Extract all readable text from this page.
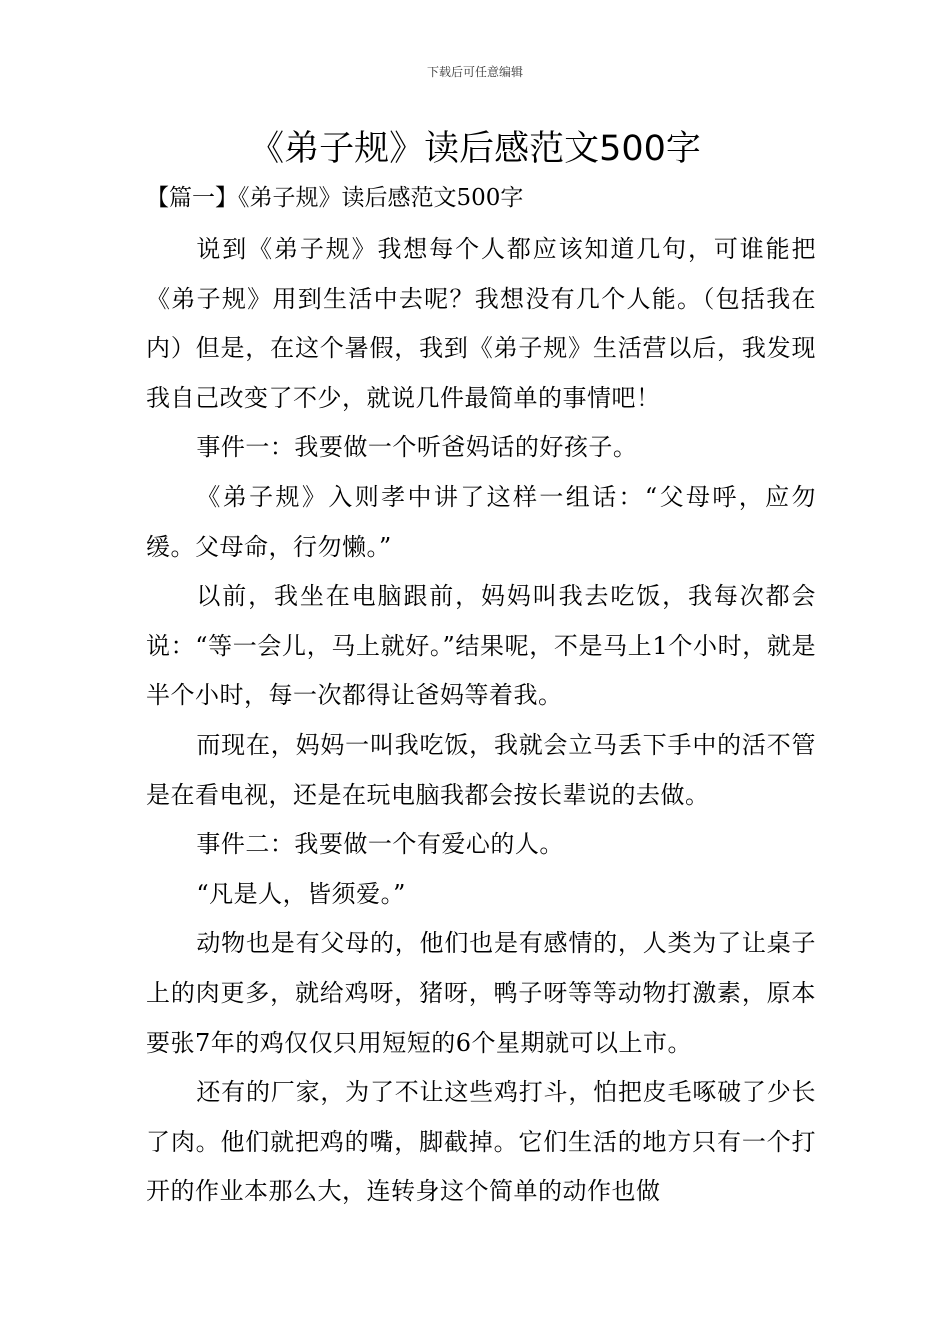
下载后可任意编辑
《弟子规》读后感范文500字
【篇一】《弟子规》读后感范文500字

说到《弟子规》我想每个人都应该知道几句，可谁能把《弟子规》用到生活中去呢？我想没有几个人能。（包括我在内）但是，在这个暑假，我到《弟子规》生活营以后，我发现我自己改变了不少，就说几件最简单的事情吧！

事件一：我要做一个听爸妈话的好孩子。

《弟子规》入则孝中讲了这样一组话：“父母呼，应勿缓。父母命，行勿懒。”

以前，我坐在电脑跟前，妈妈叫我去吃饭，我每次都会说：“等一会儿，马上就好。”结果呢，不是马上1个小时，就是半个小时，每一次都得让爸妈等着我。

而现在，妈妈一叫我吃饭，我就会立马丢下手中的活不管是在看电视，还是在玩电脑我都会按长辈说的去做。

事件二：我要做一个有爱心的人。

“凡是人，皆须爱。”

动物也是有父母的，他们也是有感情的，人类为了让桌子上的肉更多，就给鸡呀，猪呀，鸭子呀等等动物打激素，原本要张7年的鸡仅仅只用短短的6个星期就可以上市。

还有的厂家，为了不让这些鸡打斗，怕把皮毛啄破了少长了肉。他们就把鸡的嘴，脚截掉。它们生活的地方只有一个打开的作业本那么大，连转身这个简单的动作也做
